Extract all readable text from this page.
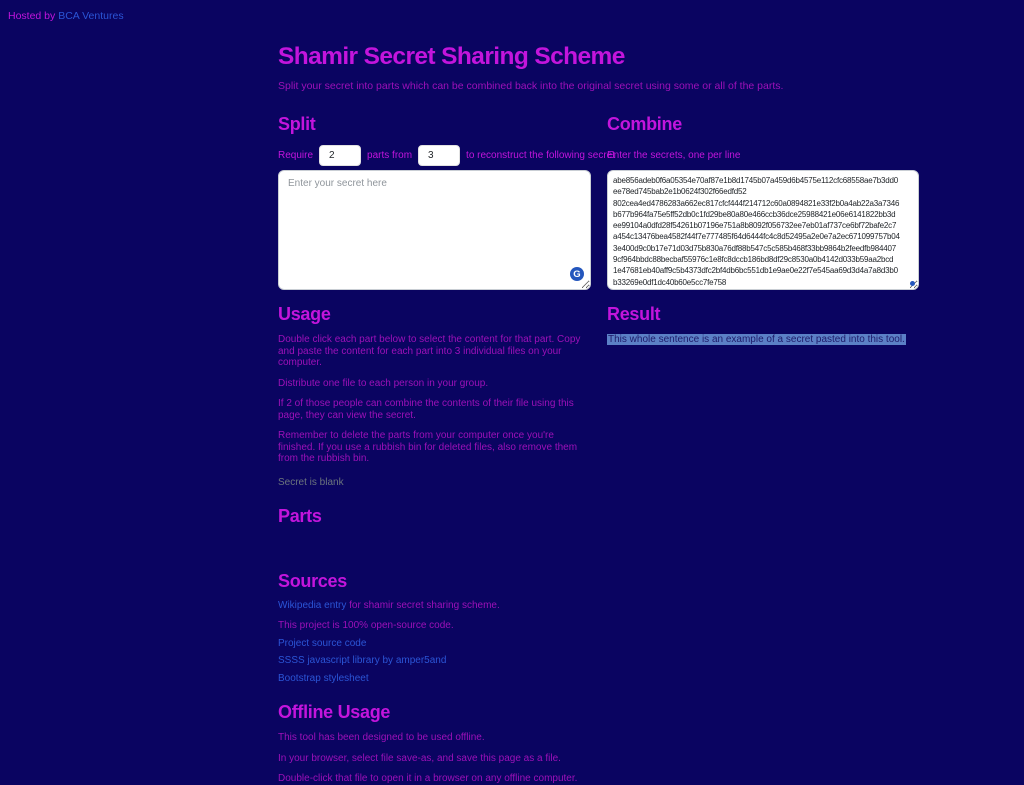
Hosted by BCA Ventures
Shamir Secret Sharing Scheme

Split your secret into parts which can be combined back into the original secret using some or all of the parts.

Split
Require
2	parts from
3	to reconstruct the following secret
Enter your secret here
G
Usage

Double click each part below to select the content for that part. Copy and paste the content for each part into 3 individual files on your computer.

Distribute one file to each person in your group.

If 2 of those people can combine the contents of their file using this page, they can view the secret.

Remember to delete the parts from your computer once you're finished. If you use a rubbish bin for deleted files, also remove them from the rubbish bin.

Secret is blank

Parts
Sources

Wikipedia entry for shamir secret sharing scheme.

This project is 100% open-source code.

Project source code
SSSS javascript library by amper5and
Bootstrap stylesheet
Offline Usage

This tool has been designed to be used offline.

In your browser, select file save-as, and save this page as a file.

Double-click that file to open it in a browser on any offline computer.

Combine

Enter the secrets, one per line

abe856adeb0f6a05354e70af87e1b8d1745b07a459d6b4575e112cfc68558ae7b3dd0 ee78ed745bab2e1b0624f302f66edfd52 802cea4ed4786283a662ec817cfcf444f214712c60a0894821e33f2b0a4ab22a3a7346 b677b964fa75e5ff52db0c1fd29be80a80e466ccb36dce25988421e06e6141822bb3d ee99104a0dfd28f54261b07196e751a8b8092f056732ee7eb01af737ce6bf72bafe2c7 a454c13476bea4582f44f7e777485f64d6444fc4c8d52495a2e0e7a2ec671099757b04 3e400d9c0b17e71d03d75b830a76df88b547c5c585b468f33bb9864b2feedfb984407 9cf964bbdc88becbaf55976c1e8fc8dccb186bd8df29c8530a0b4142d033b59aa2bcd 1e47681eb40aff9c5b4373dfc2bf4db6bc551db1e9ae0e22f7e545aa69d3d4a7a8d3b0 b33269e0df1dc40b60e5cc7fe758
Result

This whole sentence is an example of a secret pasted into this tool.
